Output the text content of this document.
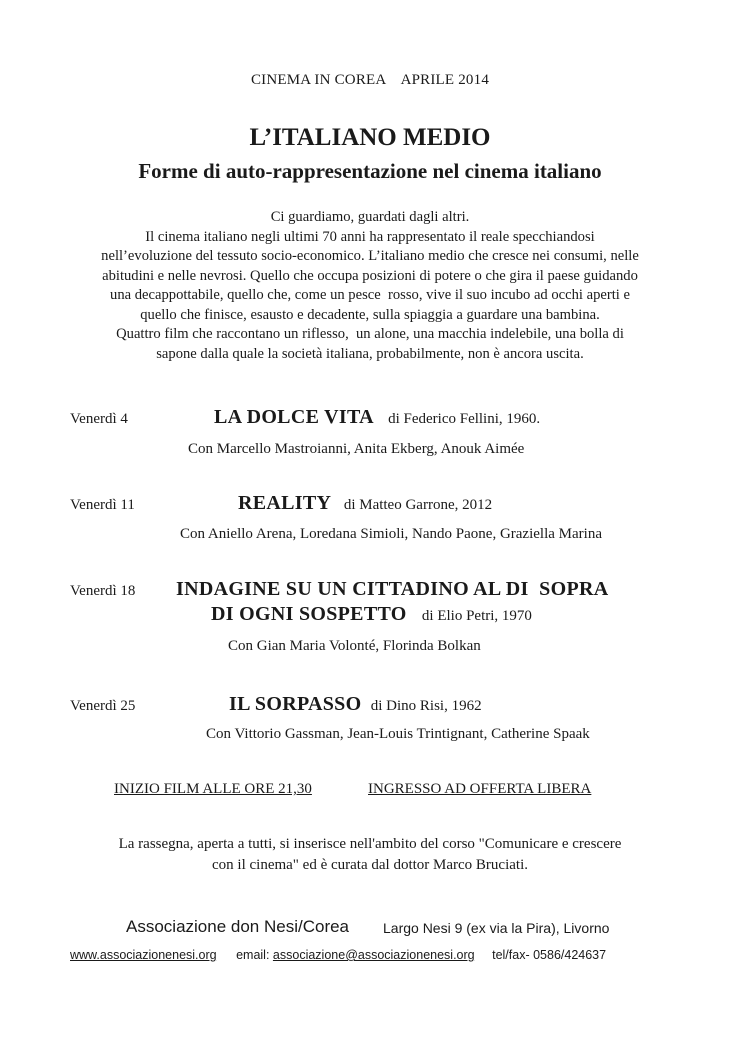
CINEMA IN COREA    APRILE 2014
L’ITALIANO MEDIO
Forme di auto-rappresentazione nel cinema italiano
Ci guardiamo, guardati dagli altri.
Il cinema italiano negli ultimi 70 anni ha rappresentato il reale specchiandosi
nell’evoluzione del tessuto socio-economico. L’italiano medio che cresce nei consumi, nelle
abitudini e nelle nevrosi. Quello che occupa posizioni di potere o che gira il paese guidando
una decappottabile, quello che, come un pesce  rosso, vive il suo incubo ad occhi aperti e
quello che finisce, esausto e decadente, sulla spiaggia a guardare una bambina.
Quattro film che raccontano un riflesso,  un alone, una macchia indelebile, una bolla di
sapone dalla quale la società italiana, probabilmente, non è ancora uscita.
Venerdì 4	LA DOLCE VITA di Federico Fellini, 1960.
Con Marcello Mastroianni, Anita Ekberg, Anouk Aimée
Venerdì 11	REALITY di Matteo Garrone, 2012
Con Aniello Arena, Loredana Simioli, Nando Paone, Graziella Marina
Venerdì 18 INDAGINE SU UN CITTADINO AL DI  SOPRA
DI OGNI SOSPETTO di Elio Petri, 1970
Con Gian Maria Volonté, Florinda Bolkan
Venerdì 25	IL SORPASSO di Dino Risi, 1962
Con Vittorio Gassman, Jean-Louis Trintignant, Catherine Spaak
INIZIO FILM ALLE ORE 21,30	INGRESSO AD OFFERTA LIBERA
La rassegna, aperta a tutti, si inserisce nell'ambito del corso "Comunicare e crescere
con il cinema" ed è curata dal dottor Marco Bruciati.
Associazione don Nesi/Corea Largo Nesi 9 (ex via la Pira), Livorno
www.associazionenesi.org email: associazione@associazionenesi.org tel/fax- 0586/424637
